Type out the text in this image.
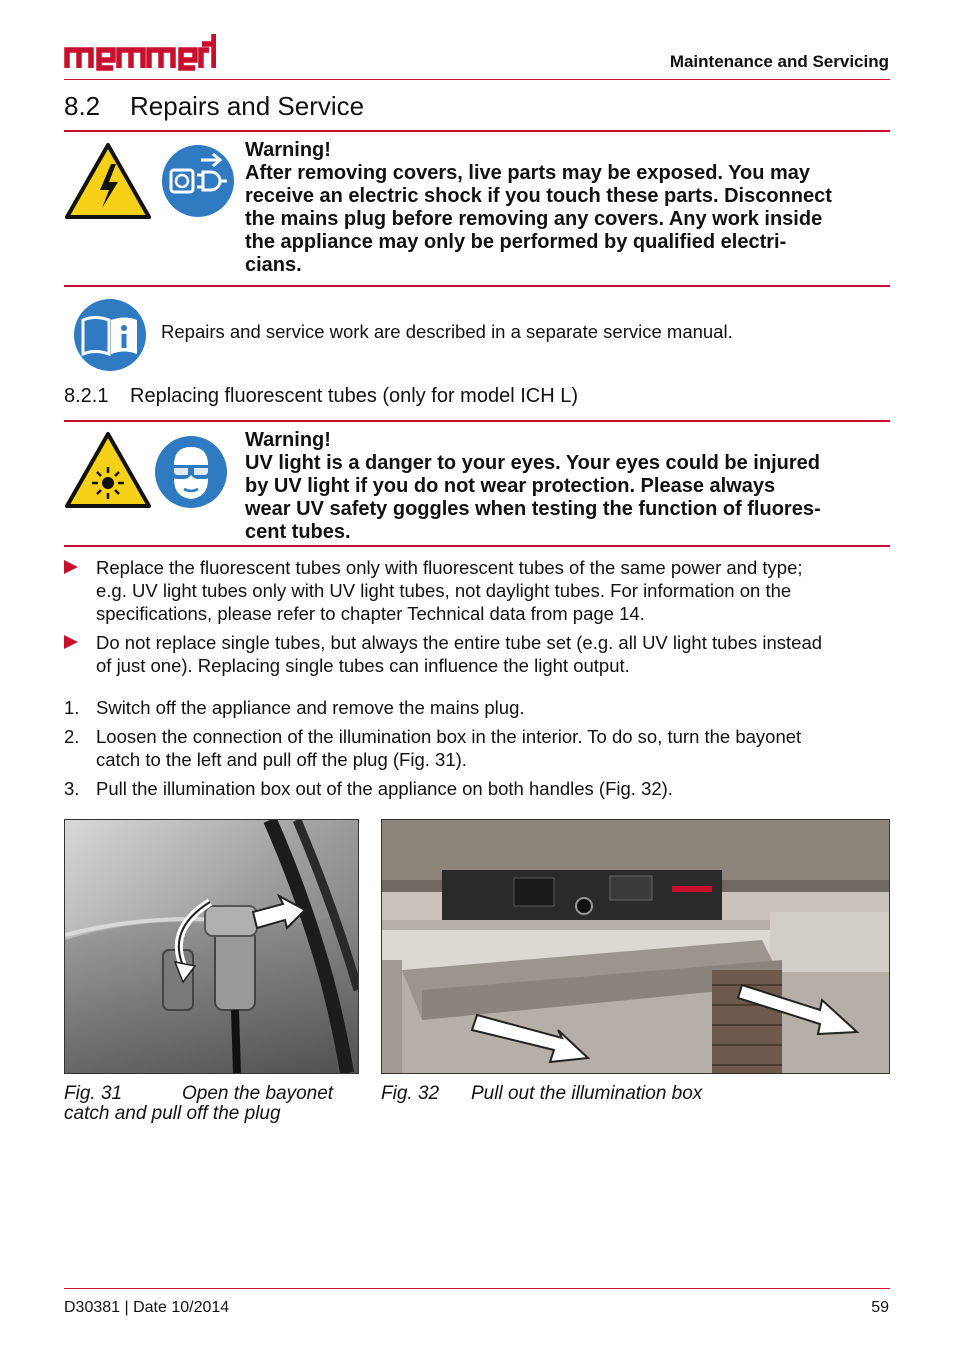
Maintenance and Servicing
8.2 Repairs and Service
Warning!
After removing covers, live parts may be exposed. You may
receive an electric shock if you touch these parts. Disconnect
the mains plug before removing any covers. Any work inside
the appliance may only be performed by qualified electri-
cians.
Repairs and service work are described in a separate service manual.
8.2.1 Replacing fluorescent tubes (only for model ICH L)
Warning!
UV light is a danger to your eyes. Your eyes could be injured
by UV light if you do not wear protection. Please always
wear UV safety goggles when testing the function of fluores-
cent tubes.
Replace the fluorescent tubes only with fluorescent tubes of the same power and type;
e.g. UV light tubes only with UV light tubes, not daylight tubes. For information on the
specifications, please refer to chapter Technical data from page 14.
Do not replace single tubes, but always the entire tube set (e.g. all UV light tubes instead
of just one). Replacing single tubes can influence the light output.
1. Switch off the appliance and remove the mains plug.
2. Loosen the connection of the illumination box in the interior. To do so, turn the bayonet
catch to the left and pull off the plug (Fig. 31).
3. Pull the illumination box out of the appliance on both handles (Fig. 32).
Fig. 31	Open the bayonet
catch and pull off the plug
Fig. 32 Pull out the illumination box
D30381 | Date 10/2014	59
